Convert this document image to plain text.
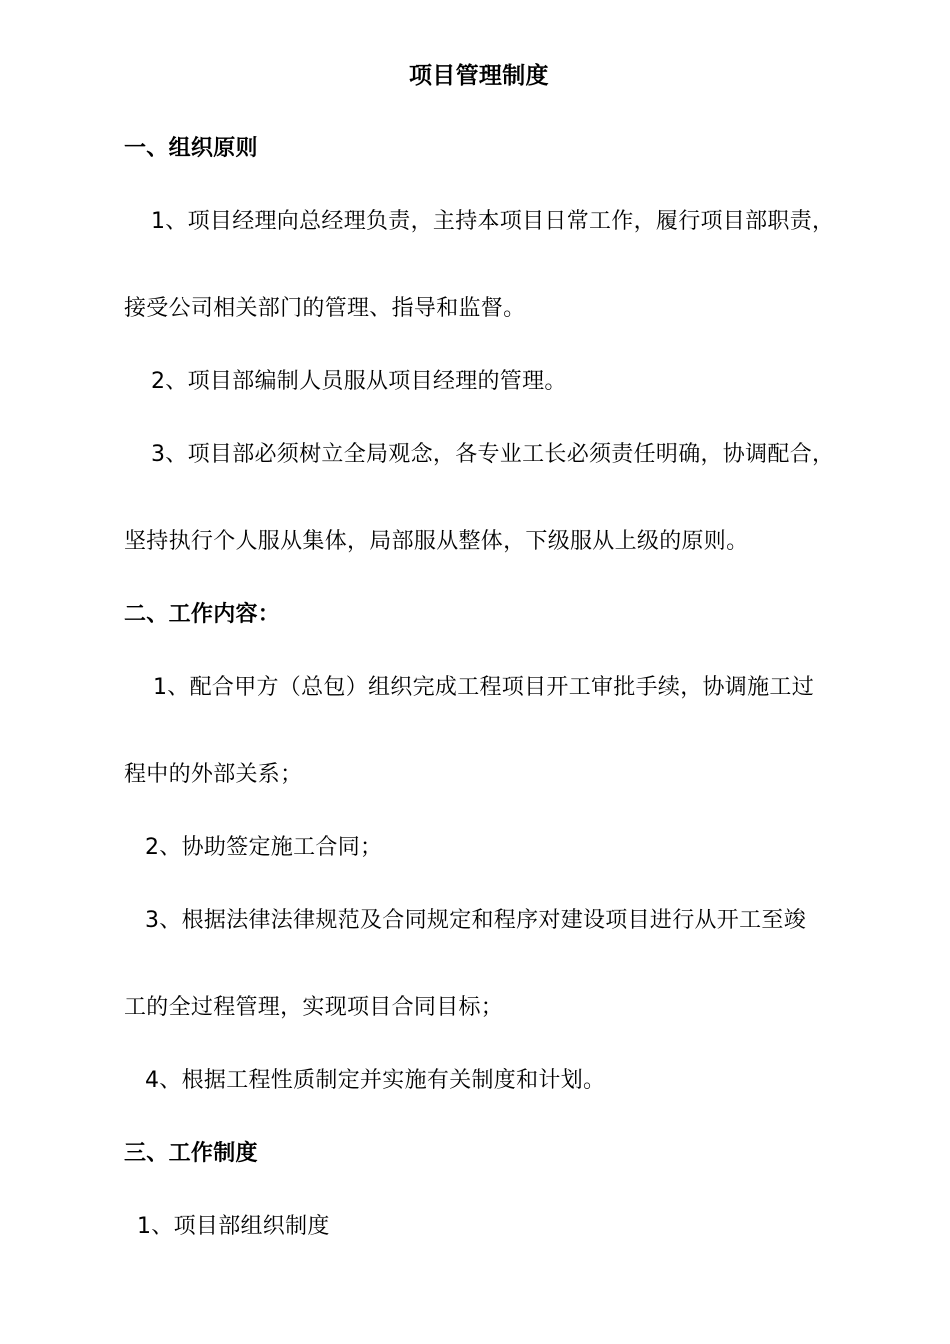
项目管理制度
一、组织原则
1、项目经理向总经理负责，主持本项目日常工作，履行项目部职责，
接受公司相关部门的管理、指导和监督。
2、项目部编制人员服从项目经理的管理。
3、项目部必须树立全局观念，各专业工长必须责任明确，协调配合，
坚持执行个人服从集体，局部服从整体，下级服从上级的原则。
二、工作内容：
1、配合甲方（总包）组织完成工程项目开工审批手续，协调施工过
程中的外部关系；
2、协助签定施工合同；
3、根据法律法律规范及合同规定和程序对建设项目进行从开工至竣
工的全过程管理，实现项目合同目标；
4、根据工程性质制定并实施有关制度和计划。
三、工作制度
1、项目部组织制度
